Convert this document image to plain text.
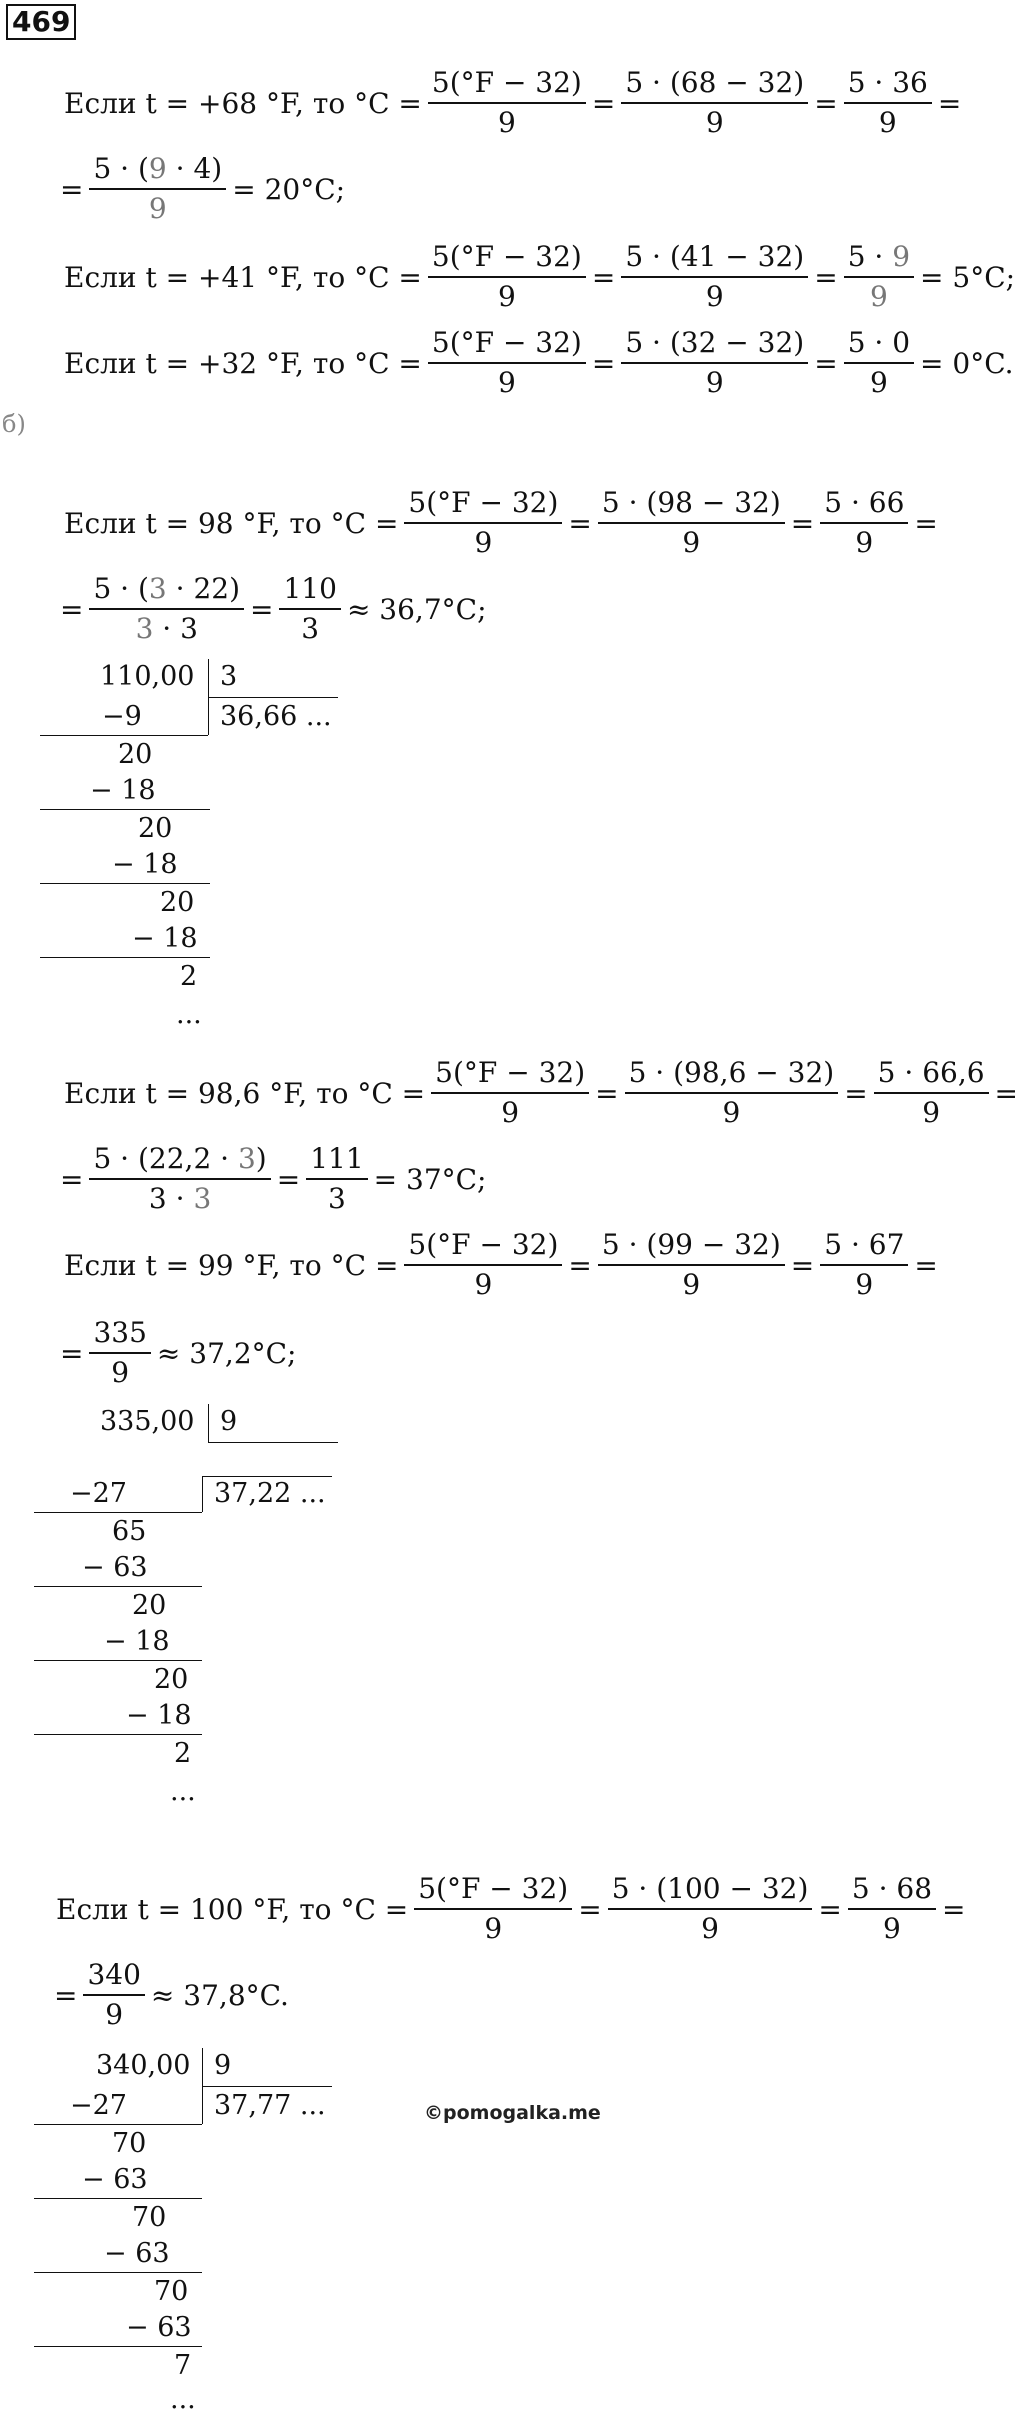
469
Если t = +68 °F, то $^\circ C = \frac{5(^\circ F - 32)}{9} = \frac{5 \cdot (68 - 32)}{9} = \frac{5 \cdot 36}{9}$ =
= $\frac{5 \cdot (9 \cdot 4)}{9} = 20^\circ C$;
Если t = +41 °F, то $^\circ C = \frac{5(^\circ F - 32)}{9} = \frac{5 \cdot (41 - 32)}{9} = \frac{5 \cdot 9}{9} = 5^\circ C$;
Если t = +32 °F, то $^\circ C = \frac{5(^\circ F - 32)}{9} = \frac{5 \cdot (32 - 32)}{9} = \frac{5 \cdot 0}{9} = 0^\circ C$.
б)
Если t = 98 °F, то $^\circ C = \frac{5(^\circ F - 32)}{9} = \frac{5 \cdot (98 - 32)}{9} = \frac{5 \cdot 66}{9}$ =
= $\frac{5 \cdot (3 \cdot 22)}{3 \cdot 3} = \frac{110}{3} \approx 36,7^\circ C$;
110,00 3
36,66 ...
−9
20
− 18
20
− 18
20
− 18
2
...
Если t = 98,6 °F, то $^\circ C = \frac{5(^\circ F - 32)}{9} = \frac{5 \cdot (98,6 - 32)}{9} = \frac{5 \cdot 66,6}{9}$ =
= $\frac{5 \cdot (22,2 \cdot 3)}{3 \cdot 3} = \frac{111}{3} = 37^\circ C$;
Если t = 99 °F, то $^\circ C = \frac{5(^\circ F - 32)}{9} = \frac{5 \cdot (99 - 32)}{9} = \frac{5 \cdot 67}{9}$ =
= $\frac{335}{9} \approx 37,2^\circ C$;
335,00 9
37,22 ...
−27
65
− 63
20
− 18
20
− 18
2
...
Если t = 100 °F, то $^\circ C = \frac{5(^\circ F - 32)}{9} = \frac{5 \cdot (100 - 32)}{9} = \frac{5 \cdot 68}{9}$ =
= $\frac{340}{9} \approx 37,8^\circ C$.
340,00 9
37,77 ...
−27
70
− 63
70
− 63
70
− 63
7
...
©pomogalka.me
